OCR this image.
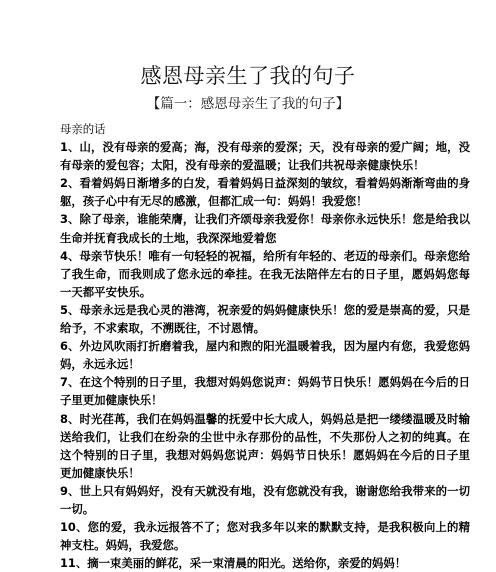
感恩母亲生了我的句子
【篇一：感恩母亲生了我的句子】
母亲的话

1、山，没有母亲的爱高；海，没有母亲的爱深；天，没有母亲的爱广阔；地，没有母亲的爱包容；太阳，没有母亲的爱温暖；让我们共祝母亲健康快乐！

2、看着妈妈日渐增多的白发，看着妈妈日益深刻的皱纹，看着妈妈渐渐弯曲的身躯，孩子心中有无尽的感激，但都汇成一句：妈妈！我爱您！

3、除了母亲，谁能荣膺，让我们齐颂母亲我爱你！母亲你永远快乐！您是给我以生命并抚育我成长的土地，我深深地爱着您

4、母亲节快乐！唯有一句轻轻的祝福，给所有年轻的、老迈的母亲们。母亲您给了我生命，而我则成了您永远的牵挂。在我无法陪伴左右的日子里，愿妈妈您每一天都平安快乐。

5、母亲永远是我心灵的港湾，祝亲爱的妈妈健康快乐！您的爱是崇高的爱，只是给予，不求索取，不溯既往，不讨恩情。

6、外边风吹雨打折磨着我，屋内和煦的阳光温暖着我，因为屋内有您，我爱您妈妈，永远永远！

7、在这个特别的日子里，我想对妈妈您说声：妈妈节日快乐！愿妈妈在今后的日子里更加健康快乐！

8、时光荏苒，我们在妈妈温馨的抚爱中长大成人，妈妈总是把一缕缕温暖及时输送给我们，让我们在纷杂的尘世中永存那份的品性，不失那份人之初的纯真。在这个特别的日子里，我想对妈妈您说声：妈妈节日快乐！愿妈妈在今后的日子里更加健康快乐！

9、世上只有妈妈好，没有天就没有地，没有您就没有我，谢谢您给我带来的一切一切。

10、您的爱，我永远报答不了；您对我多年以来的默默支持，是我积极向上的精神支柱。妈妈，我爱您。

11、摘一束美丽的鲜花，采一束清晨的阳光。送给你，亲爱的妈妈！
